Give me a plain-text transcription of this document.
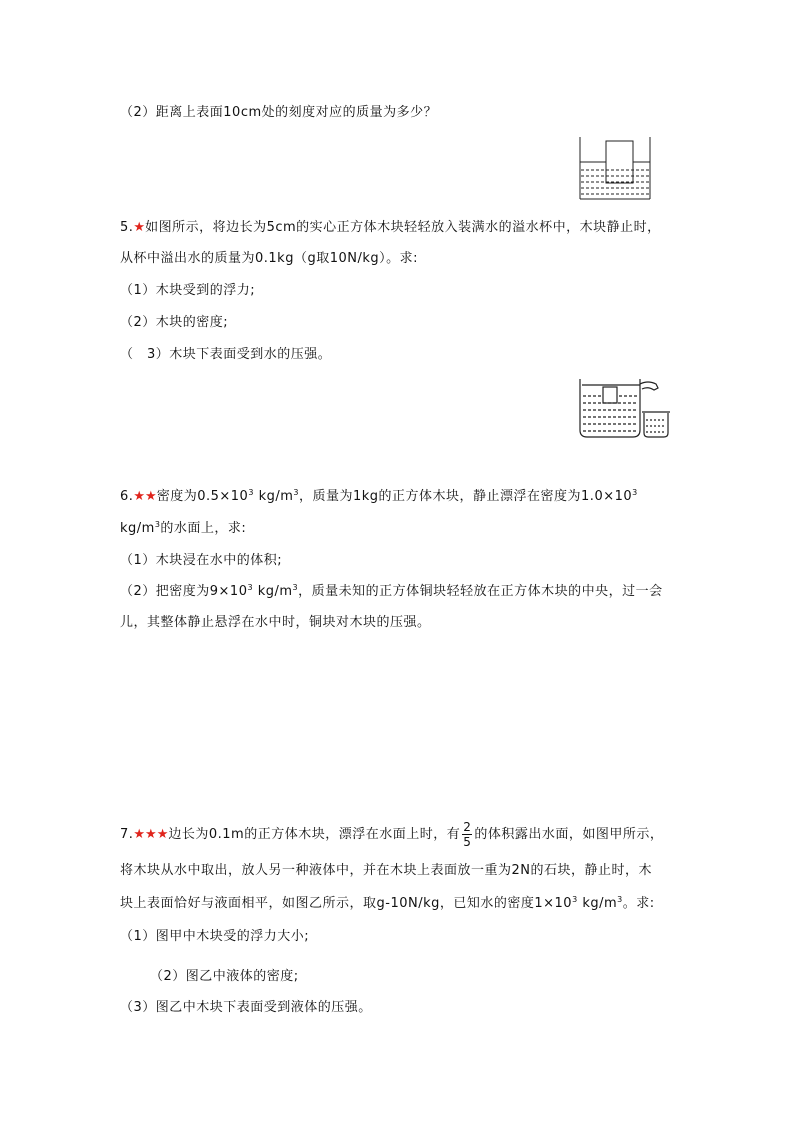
（2）距离上表面10cm处的刻度对应的质量为多少？
5.★如图所示，将边长为5cm的实心正方体木块轻轻放入装满水的溢水杯中，木块静止时，
从杯中溢出水的质量为0.1kg（g取10N/kg）。求:
（1）木块受到的浮力;
（2）木块的密度;
（　3）木块下表面受到水的压强。
6.★★密度为$0.5\times 10^3$ $kg/m^3$，质量为1kg的正方体木块，静止漂浮在密度为$1.0\times 10^3$
$kg/m^3$的水面上，求:
（1）木块浸在水中的体积;
（2）把密度为$9\times 10^3$ $kg/m^3$，质量未知的正方体铜块轻轻放在正方体木块的中央，过一会
儿，其整体静止悬浮在水中时，铜块对木块的压强。
7.★★★边长为0.1m的正方体木块，漂浮在水面上时，有 $\frac{2}{5}$ 的体积露出水面，如图甲所示，
将木块从水中取出，放人另一种液体中，并在木块上表面放一重为2N的石块，静止时，木
块上表面恰好与液面相平，如图乙所示，取g-10N/kg，已知水的密度$1\times 10^3$ $kg/m^3$。求:
（1）图甲中木块受的浮力大小;
（2）图乙中液体的密度;
（3）图乙中木块下表面受到液体的压强。
